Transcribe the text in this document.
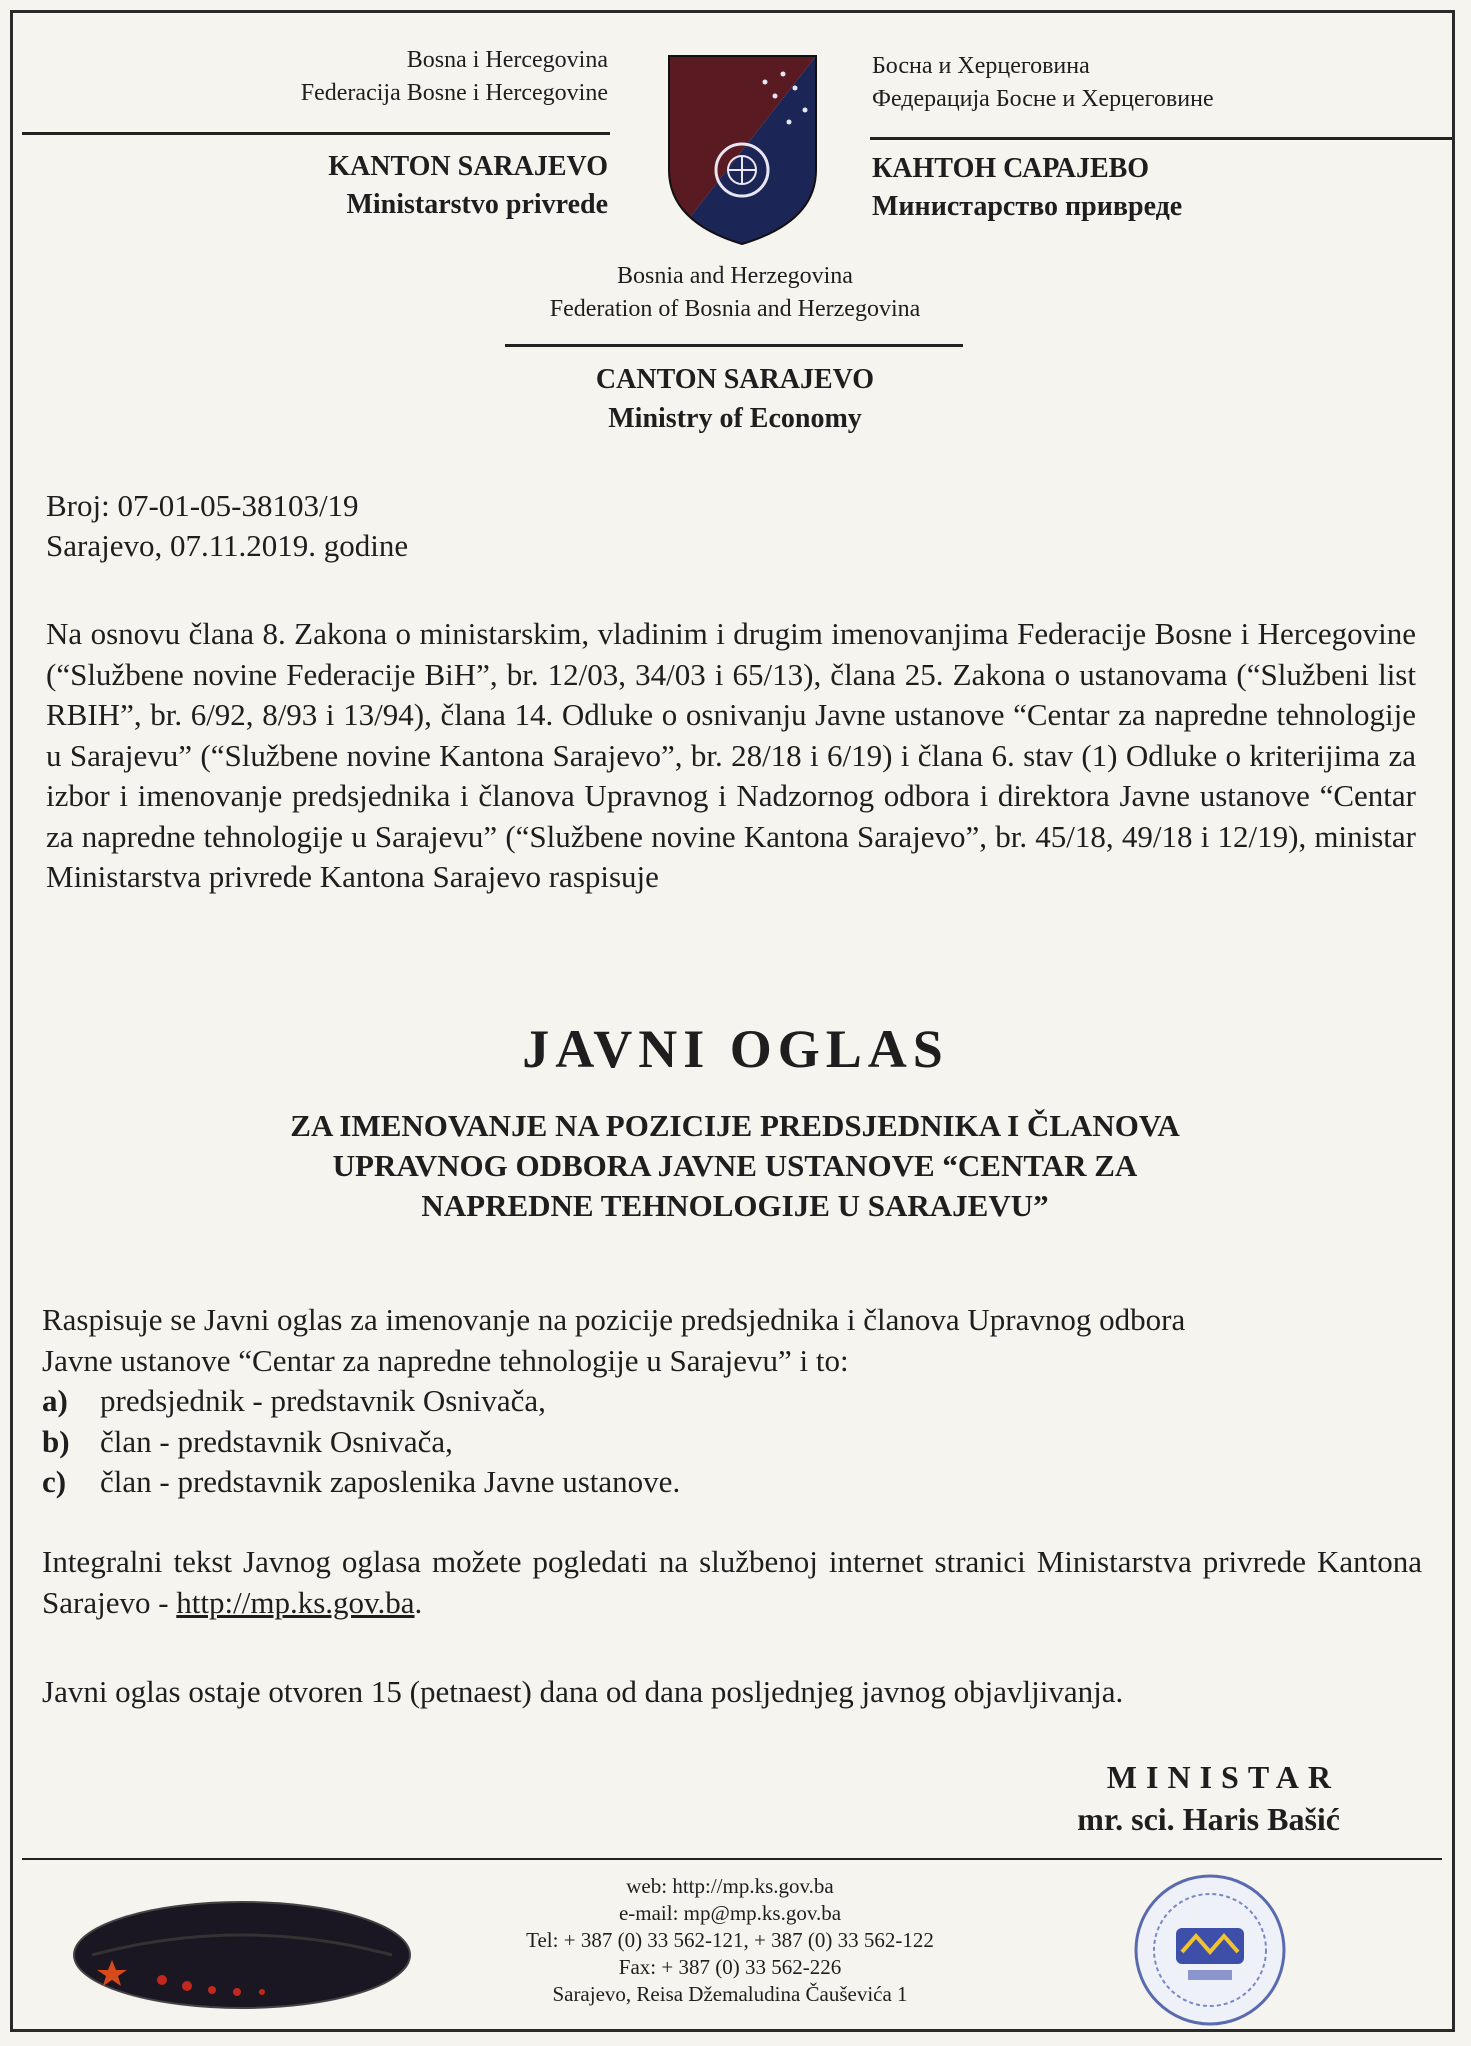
Bosna i Hercegovina
Federacija Bosne i Hercegovine
KANTON SARAJEVO
Ministarstvo privrede
Босна и Херцеговина
Федерација Босне и Херцеговине
КАНТОН САРАЈЕВО
Министарство привреде
Bosnia and Herzegovina
Federation of Bosnia and Herzegovina
CANTON SARAJEVO
Ministry of Economy
Broj: 07-01-05-38103/19
Sarajevo, 07.11.2019. godine
Na osnovu člana 8. Zakona o ministarskim, vladinim i drugim imenovanjima Federacije Bosne i Hercegovine (“Službene novine Federacije BiH”, br. 12/03, 34/03 i 65/13), člana 25. Zakona o ustanovama (“Službeni list RBIH”, br. 6/92, 8/93 i 13/94), člana 14. Odluke o osnivanju Javne ustanove “Centar za napredne tehnologije u Sarajevu” (“Službene novine Kantona Sarajevo”, br. 28/18 i 6/19) i člana 6. stav (1) Odluke o kriterijima za izbor i imenovanje predsjednika i članova Upravnog i Nadzornog odbora i direktora Javne ustanove “Centar za napredne tehnologije u Sarajevu” (“Službene novine Kantona Sarajevo”, br. 45/18, 49/18 i 12/19), ministar Ministarstva privrede Kantona Sarajevo raspisuje
JAVNI OGLAS
ZA IMENOVANJE NA POZICIJE PREDSJEDNIKA I ČLANOVA
UPRAVNOG ODBORA JAVNE USTANOVE “CENTAR ZA
NAPREDNE TEHNOLOGIJE U SARAJEVU”
Raspisuje se Javni oglas za imenovanje na pozicije predsjednika i članova Upravnog odbora
Javne ustanove “Centar za napredne tehnologije u Sarajevu” i to:
a) predsjednik - predstavnik Osnivača,
b) član - predstavnik Osnivača,
c) član - predstavnik zaposlenika Javne ustanove.
Integralni tekst Javnog oglasa možete pogledati na službenoj internet stranici Ministarstva privrede Kantona Sarajevo - http://mp.ks.gov.ba.
Javni oglas ostaje otvoren 15 (petnaest) dana od dana posljednjeg javnog objavljivanja.
MINISTAR
mr. sci. Haris Bašić
web: http://mp.ks.gov.ba
e-mail: mp@mp.ks.gov.ba
Tel: + 387 (0) 33 562-121, + 387 (0) 33 562-122
Fax: + 387 (0) 33 562-226
Sarajevo, Reisa Džemaludina Čauševića 1
